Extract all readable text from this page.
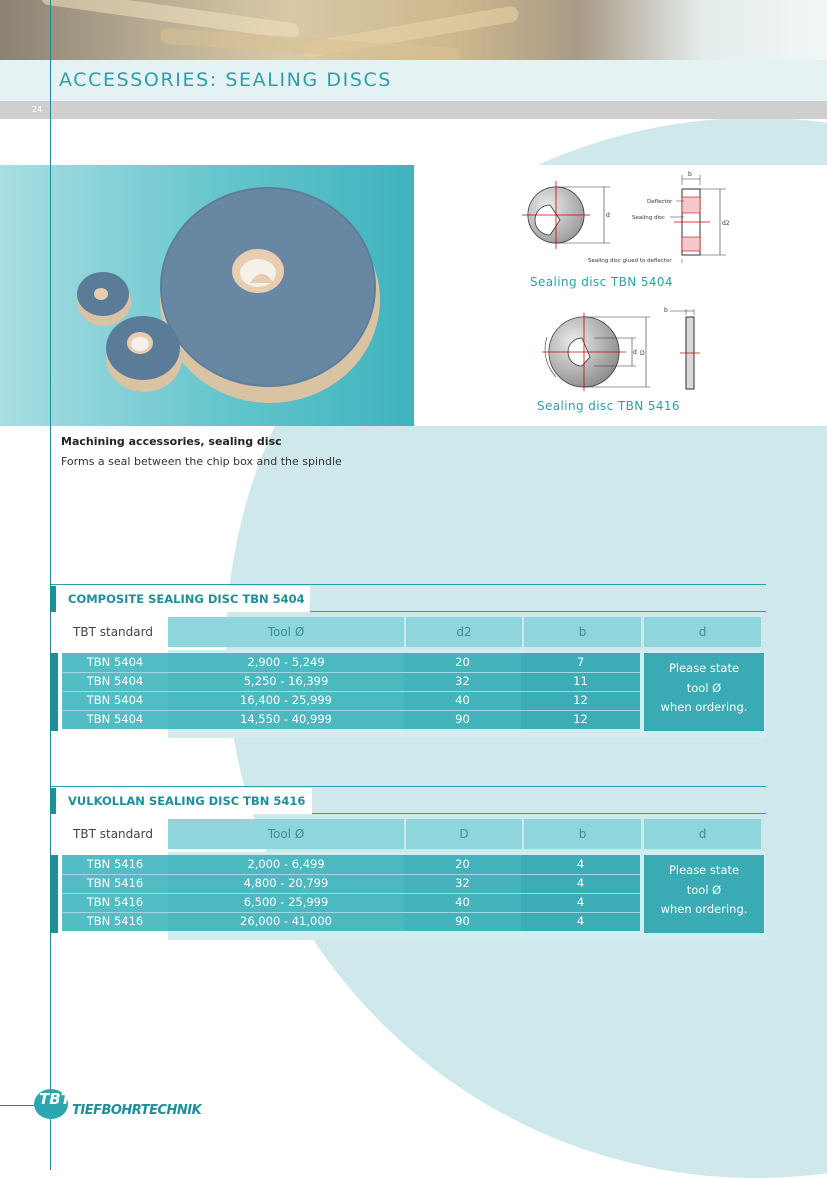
ACCESSORIES: SEALING DISCS
24
Deflector
Sealing disc
Sealing disc glued to deflector
b
d
d2
d D
b
Sealing disc TBN 5404
Sealing disc TBN 5416
Machining accessories, sealing disc
Forms a seal between the chip box and the spindle
COMPOSITE SEALING DISC TBN 5404
TBT standard	Tool Ø	d2	b	d
TBN 5404	2,900 - 5,249	20	7
TBN 5404	5,250 - 16,399	32	11
TBN 5404	16,400 - 25,999	40	12
TBN 5404	14,550 - 40,999	90	12
Please state
tool Ø
when ordering.
VULKOLLAN SEALING DISC TBN 5416
TBT standard	Tool Ø	D	b	d
TBN 5416	2,000 - 6,499	20	4
TBN 5416	4,800 - 20,799	32	4
TBN 5416	6,500 - 25,999	40	4
TBN 5416	26,000 - 41,000	90	4
Please state
tool Ø
when ordering.
TBT
TIEFBOHRTECHNIK
